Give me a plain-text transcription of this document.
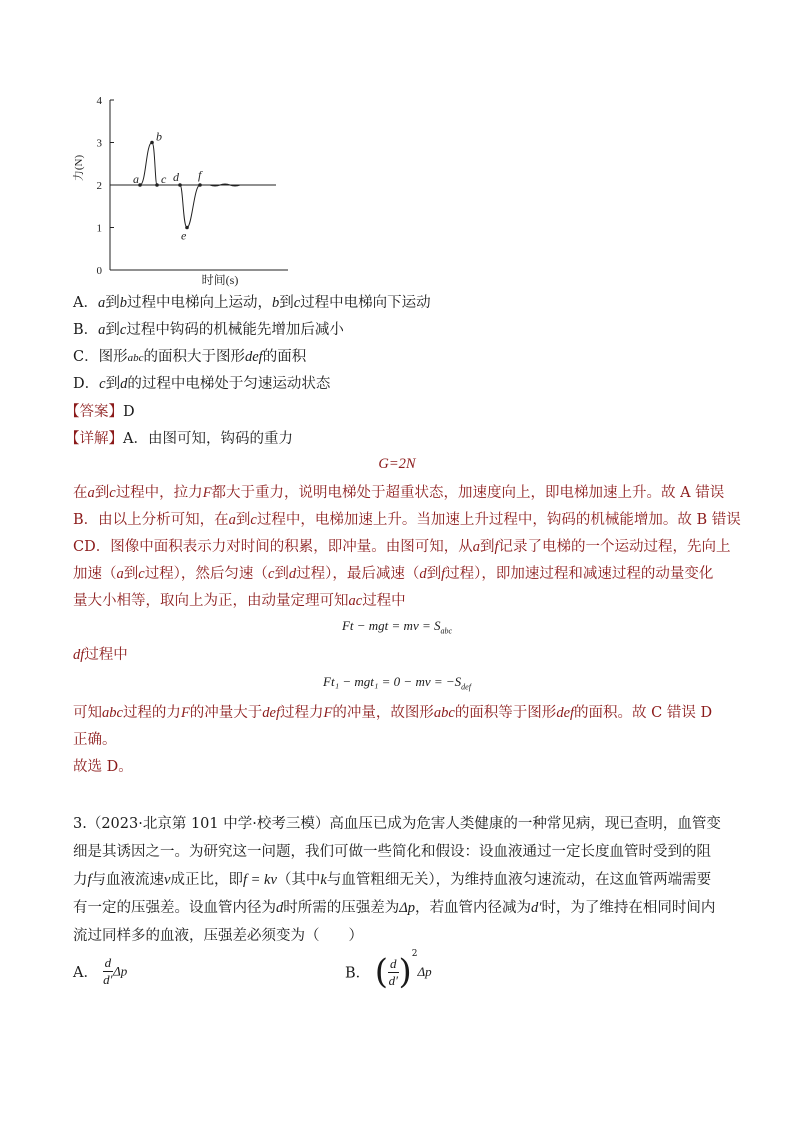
0
1
2
3
4
力(N)
时间(s)
a
b
c d
e
f
A．a到b过程中电梯向上运动，b到c过程中电梯向下运动
B．a到c过程中钩码的机械能先增加后减小
C．图形abc的面积大于图形def的面积
D．c到d的过程中电梯处于匀速运动状态
【答案】D
【详解】A．由图可知，钩码的重力
G=2N
在a到c过程中，拉力F都大于重力，说明电梯处于超重状态，加速度向上，即电梯加速上升。故 A 错误
B．由以上分析可知，在a到c过程中，电梯加速上升。当加速上升过程中，钩码的机械能增加。故 B 错误
CD．图像中面积表示力对时间的积累，即冲量。由图可知，从a到f记录了电梯的一个运动过程，先向上
加速（a到c过程），然后匀速（c到d过程），最后减速（d到f过程），即加速过程和减速过程的动量变化
量大小相等，取向上为正，由动量定理可知ac过程中
Ft − mgt = mv = $S_{abc}$
df过程中
Ft₁ − mgt₁ = 0 − mv = $-S_{def}$
可知abc过程的力F的冲量大于def过程力F的冲量，故图形abc的面积等于图形def的面积。故 C 错误 D
正确。
故选 D。
3.（2023·北京第 101 中学·校考三模）高血压已成为危害人类健康的一种常见病，现已查明，血管变细是其诱因之一。为研究这一问题，我们可做一些简化和假设：设血液通过一定长度血管时受到的阻力f与血液流速v成正比，即f = kv（其中k与血管粗细无关），为维持血液匀速流动，在这血管两端需要有一定的压强差。设血管内径为d时所需的压强差为Δp，若血管内径减为d′时，为了维持在相同时间内流过同样多的血液，压强差必须变为（　　）
A． $\frac{d}{d'}$ Δp	B． ( $\frac{d}{d'} )^2\Delta p$
